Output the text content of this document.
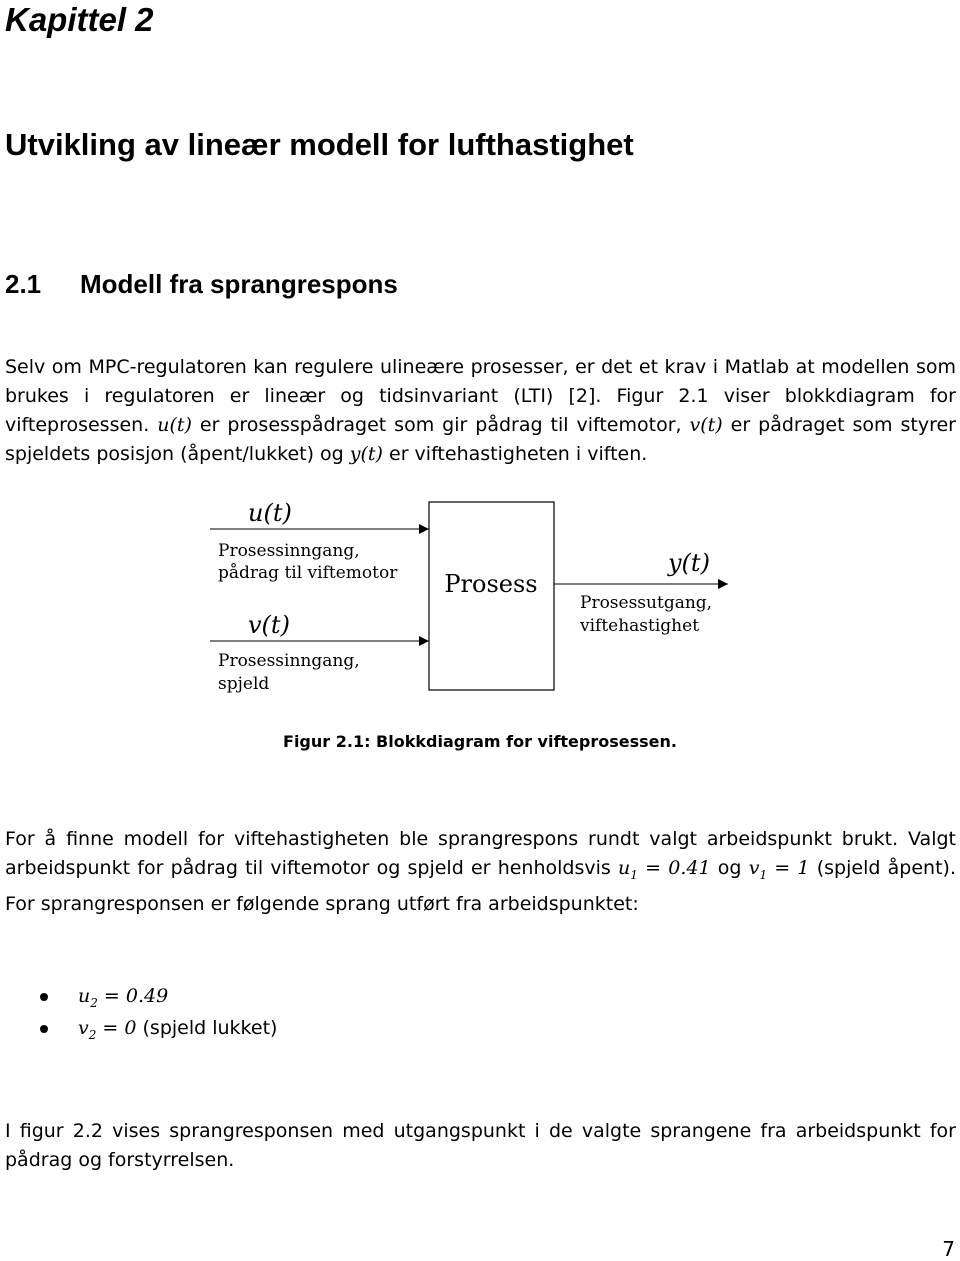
Kapittel 2
Utvikling av lineær modell for lufthastighet
2.1 Modell fra sprangrespons

Selv om MPC-regulatoren kan regulere ulineære prosesser, er det et krav i Matlab at modellen som brukes i regulatoren er lineær og tidsinvariant (LTI) [2]. Figur 2.1 viser blokkdiagram for vifteprosessen. u(t) er prosesspådraget som gir pådrag til viftemotor, v(t) er pådraget som styrer spjeldets posisjon (åpent/lukket) og y(t) er viftehastigheten i viften.

u(t)
Prosessinngang,
pådrag til viftemotor
v(t)
Prosessinngang,
spjeld
Prosess
y(t)
Prosessutgang,
viftehastighet
Figur 2.1: Blokkdiagram for vifteprosessen.

For å finne modell for viftehastigheten ble sprangrespons rundt valgt arbeidspunkt brukt. Valgt arbeidspunkt for pådrag til viftemotor og spjeld er henholdsvis $u_1 = 0.41$ og $v_1 = 1$ (spjeld åpent). For sprangresponsen er følgende sprang utført fra arbeidspunktet:

$u_2 = 0.49$
$v_2 = 0$ (spjeld lukket)

I figur 2.2 vises sprangresponsen med utgangspunkt i de valgte sprangene fra arbeidspunkt for pådrag og forstyrrelsen.

7
